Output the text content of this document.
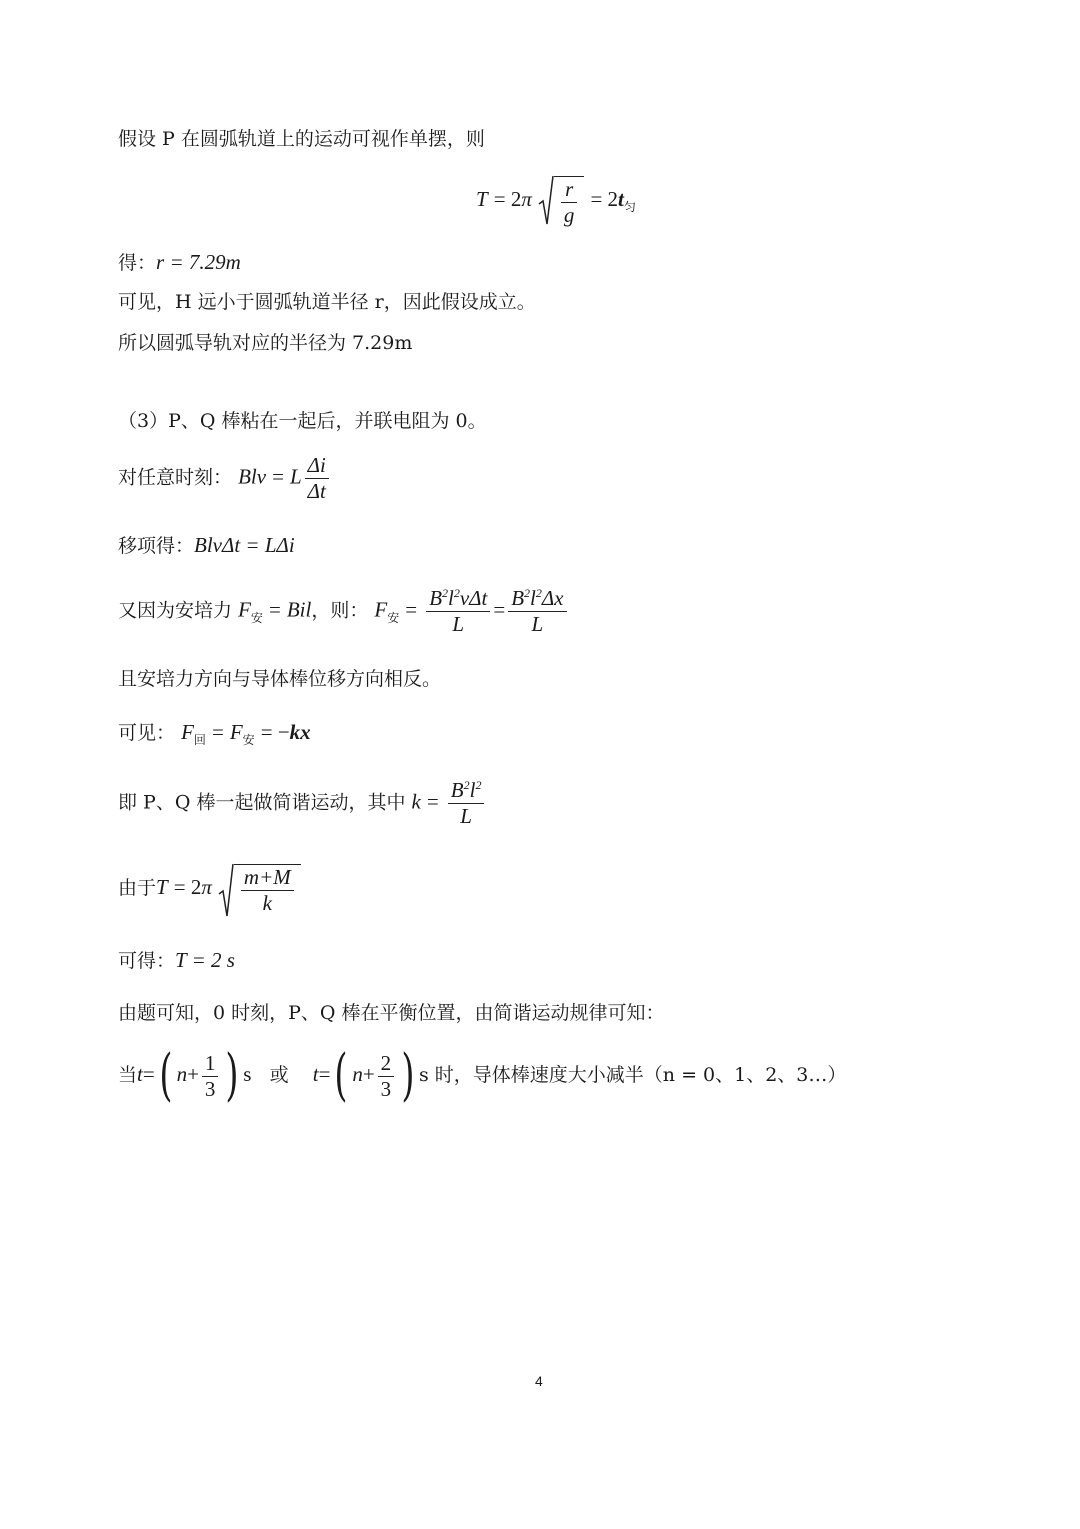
假设 P 在圆弧轨道上的运动可视作单摆，则
$T = 2\pi \frac{r}{g} = 2t_匀$
得：r = 7.29m
可见，H 远小于圆弧轨道半径 r，因此假设成立。
所以圆弧导轨对应的半径为 7.29m
（3）P、Q 棒粘在一起后，并联电阻为 0。
对任意时刻： Blv = L $\frac{\Delta i}{\Delta t}$
移项得：BlvΔt = LΔi
又因为安培力 $F_安$ = Bil，则： $F_安 = \frac{B^2l^2v\Delta t}{L} = \frac{B^2l^2\Delta x}{L}$
且安培力方向与导体棒位移方向相反。
可见： $F_回 = F_安 = -kx$
即 P、Q 棒一起做简谐运动，其中 $k = \frac{B^2l^2}{L}$
由于$T = 2\pi \frac{m+M}{k}$
可得：T = 2 s
由题可知，0 时刻，P、Q 棒在平衡位置，由简谐运动规律可知：
当t=( $n+ \frac{1}{3}$ ) s 或 t=( $n+ \frac{2}{3}$ ) s 时，导体棒速度大小减半（n = 0、1、2、3…）
4
